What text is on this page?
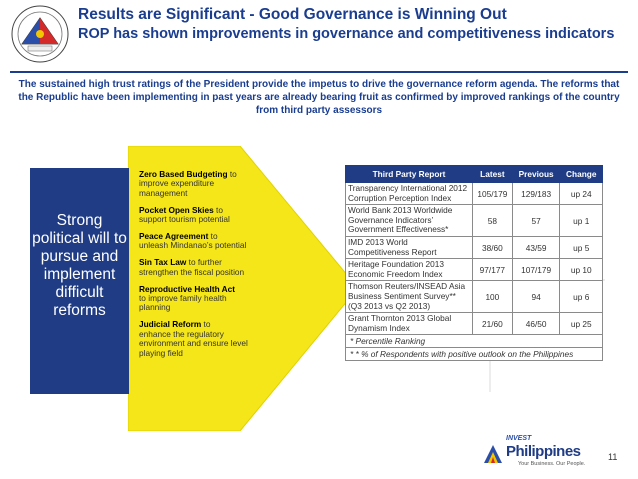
Results are Significant - Good Governance is Winning Out
ROP has shown improvements in governance and competitiveness indicators
The sustained high trust ratings of the President provide the impetus to drive the governance reform agenda. The reforms that the Republic have been implementing in past years are already bearing fruit as confirmed by improved rankings of the country from third party assessors
Strong political will to pursue and implement difficult reforms
Zero Based Budgeting to
improve expenditure management
Pocket Open Skies to
support tourism potential
Peace Agreement to
unleash Mindanao’s potential
Sin Tax Law to further
strengthen the fiscal position
Reproductive Health Act
to improve family health planning
Judicial Reform to
enhance the regulatory environment and ensure level playing field
Third Party Report	Latest	Previous	Change
Transparency International 2012 Corruption Perception Index	105/179	129/183	up 24
World Bank 2013 Worldwide Governance Indicators’ Government Effectiveness*	58	57	up 1
IMD 2013 World Competitiveness Report	38/60	43/59	up 5
Heritage Foundation 2013 Economic Freedom Index	97/177	107/179	up 10
Thomson Reuters/INSEAD Asia Business Sentiment Survey** (Q3 2013 vs Q2 2013)	100	94	up 6
Grant Thornton 2013 Global Dynamism Index	21/60	46/50	up 25
* Percentile Ranking			
* * % of Respondents with positive outlook on the Philippines			
INVEST
Philippines
Your Business. Our People.
11
